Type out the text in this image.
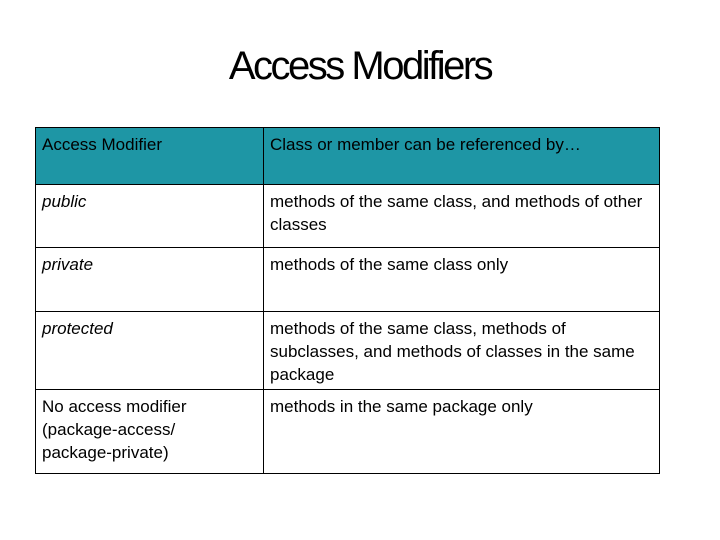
Access Modifiers
Access Modifier	Class or member can be referenced by…
public	methods of the same class, and methods of other classes
private	methods of the same class only
protected	methods of the same class, methods of subclasses, and methods of classes in the same package

No access modifier
(package-access/
package-private)	methods in the same package only
